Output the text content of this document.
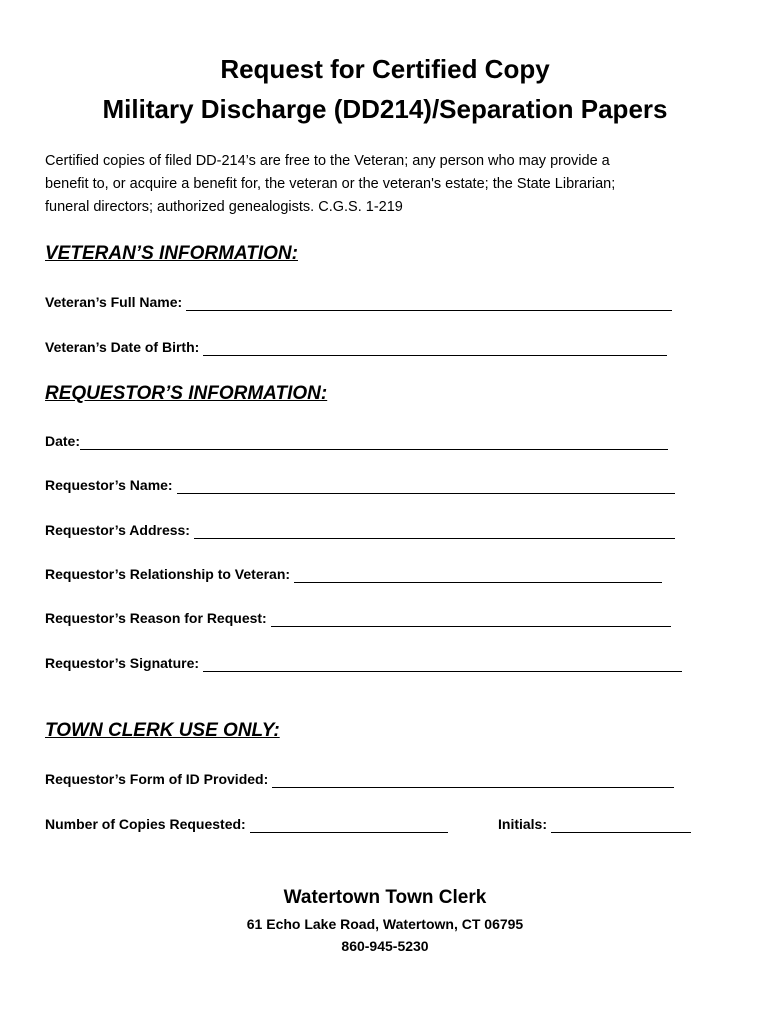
Request for Certified Copy
Military Discharge (DD214)/Separation Papers

Certified copies of filed DD-214’s are free to the Veteran; any person who may provide a
benefit to, or acquire a benefit for, the veteran or the veteran's estate; the State Librarian;
funeral directors; authorized genealogists. C.G.S. 1-219

VETERAN’S INFORMATION:
Veteran’s Full Name:
Veteran’s Date of Birth:
REQUESTOR’S INFORMATION:
Date:
Requestor’s Name:
Requestor’s Address:
Requestor’s Relationship to Veteran:
Requestor’s Reason for Request:
Requestor’s Signature:
TOWN CLERK USE ONLY:
Requestor’s Form of ID Provided:
Number of Copies Requested:	Initials:
Watertown Town Clerk
61 Echo Lake Road, Watertown, CT 06795
860-945-5230
